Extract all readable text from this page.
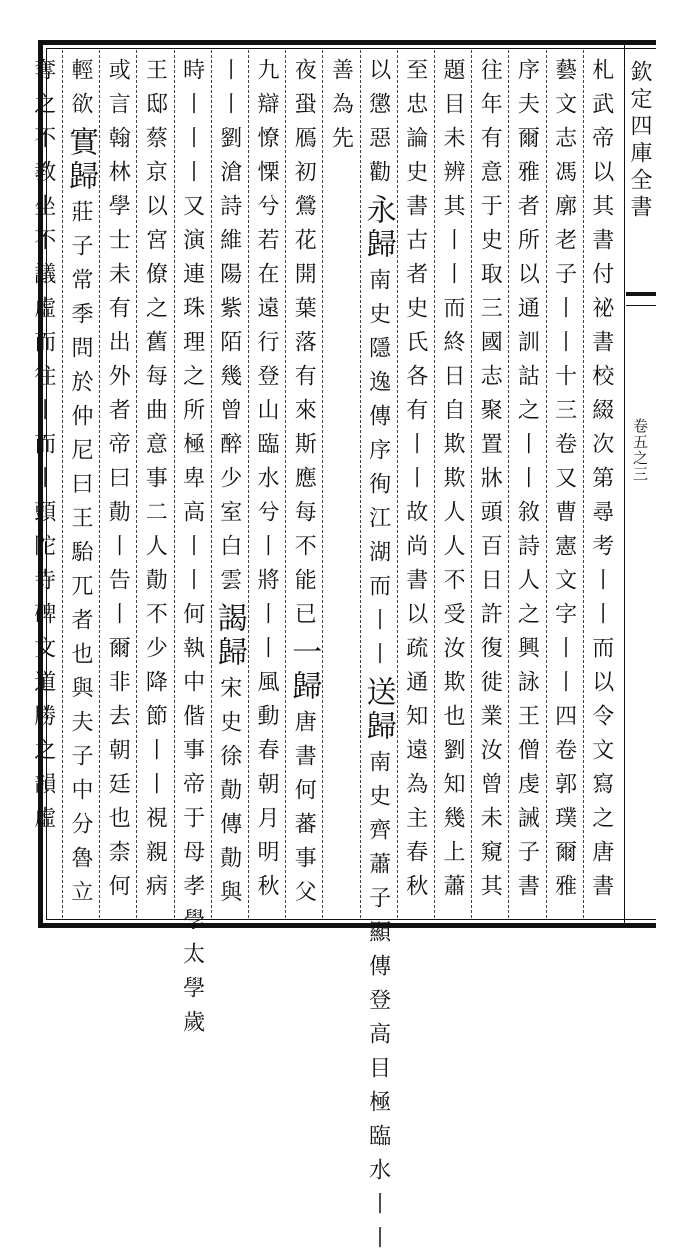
欽定四庫全書
卷五之三
札武帝以其書付祕書校綴次第尋考丨丨而以令文寫之唐書
藝文志馮廓老子丨丨十三卷又曹憲文字丨丨四卷郭璞爾雅
序夫爾雅者所以通訓詁之丨丨敘詩人之興詠王僧虔誡子書
往年有意于史取三國志聚置牀頭百日許復徙業汝曾未窺其
題目未辨其丨丨而終日自欺欺人人不受汝欺也劉知幾上蕭
至忠論史書古者史氏各有丨丨故尚書以疏通知遠為主春秋
以懲惡勸
永歸
南史隱逸傳序徇江湖而丨丨
送歸
南史齊蕭子顯傳登高目極臨水丨丨
善為先
夜蛩鴈初鶯花開葉落有來斯應每不能已
一歸
唐書何蕃事父
九辯憭慄兮若在遠行登山臨水兮丨將丨丨風動春朝月明秋
丨丨劉滄詩維陽紫陌幾曾醉少室白雲
謁歸
宋史徐勣傳勣與
時丨丨丨又演連珠理之所極卑高丨丨何執中偕事帝于母孝學太學歲
王邸蔡京以宮僚之舊每曲意事二人勣不少降節丨丨視親病
或言翰林學士未有出外者帝曰勣丨告丨爾非去朝廷也柰何
輕欲
實歸
莊子常季問於仲尼曰王駘兀者也與夫子中分魯立
奪之不教坐不議虛而往丨而丨頭陀寺碑文道勝之韻虛
